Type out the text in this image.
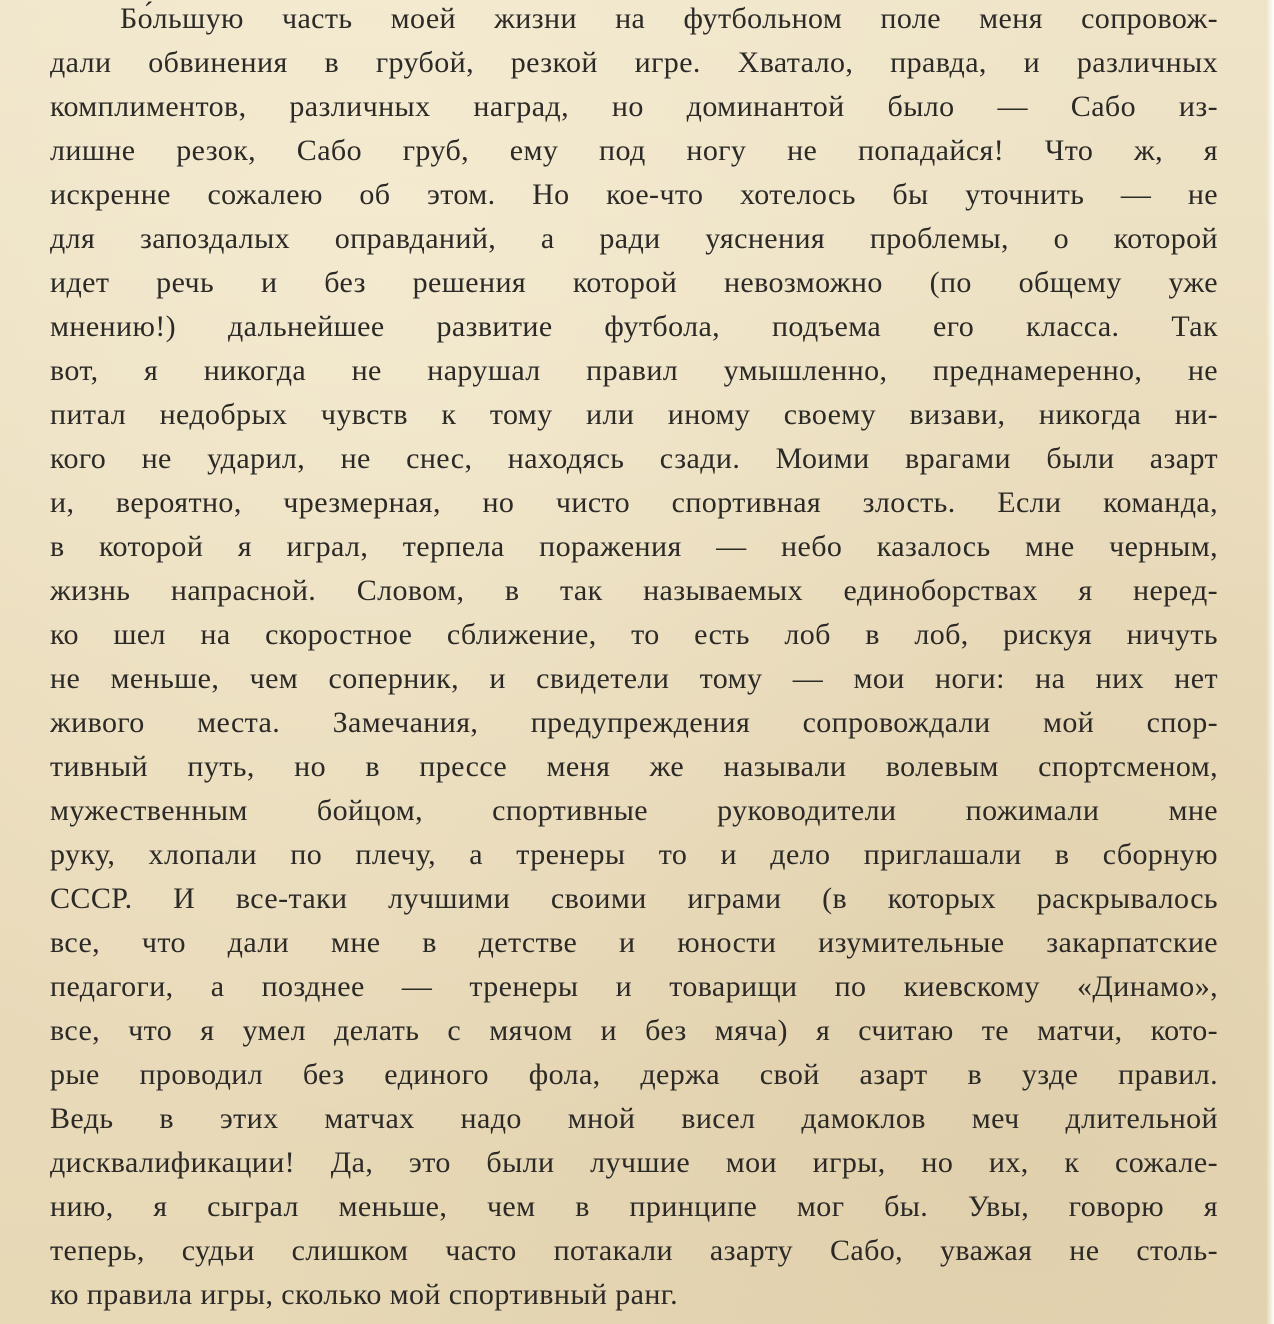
Бо́льшую часть моей жизни на футбольном поле меня сопровож-
дали обвинения в грубой, резкой игре. Хватало, правда, и различных
комплиментов, различных наград, но доминантой было — Сабо из-
лишне резок, Сабо груб, ему под ногу не попадайся! Что ж, я
искренне сожалею об этом. Но кое-что хотелось бы уточнить — не
для запоздалых оправданий, а ради уяснения проблемы, о которой
идет речь и без решения которой невозможно (по общему уже
мнению!) дальнейшее развитие футбола, подъема его класса. Так
вот, я никогда не нарушал правил умышленно, преднамеренно, не
питал недобрых чувств к тому или иному своему визави, никогда ни-
кого не ударил, не снес, находясь сзади. Моими врагами были азарт
и, вероятно, чрезмерная, но чисто спортивная злость. Если команда,
в которой я играл, терпела поражения — небо казалось мне черным,
жизнь напрасной. Словом, в так называемых единоборствах я неред-
ко шел на скоростное сближение, то есть лоб в лоб, рискуя ничуть
не меньше, чем соперник, и свидетели тому — мои ноги: на них нет
живого места. Замечания, предупреждения сопровождали мой спор-
тивный путь, но в прессе меня же называли волевым спортсменом,
мужественным бойцом, спортивные руководители пожимали мне
руку, хлопали по плечу, а тренеры то и дело приглашали в сборную
СССР. И все-таки лучшими своими играми (в которых раскрывалось
все, что дали мне в детстве и юности изумительные закарпатские
педагоги, а позднее — тренеры и товарищи по киевскому «Динамо»,
все, что я умел делать с мячом и без мяча) я считаю те матчи, кото-
рые проводил без единого фола, держа свой азарт в узде правил.
Ведь в этих матчах надо мной висел дамоклов меч длительной
дисквалификации! Да, это были лучшие мои игры, но их, к сожале-
нию, я сыграл меньше, чем в принципе мог бы. Увы, говорю я
теперь, судьи слишком часто потакали азарту Сабо, уважая не столь-
ко правила игры, сколько мой спортивный ранг.
